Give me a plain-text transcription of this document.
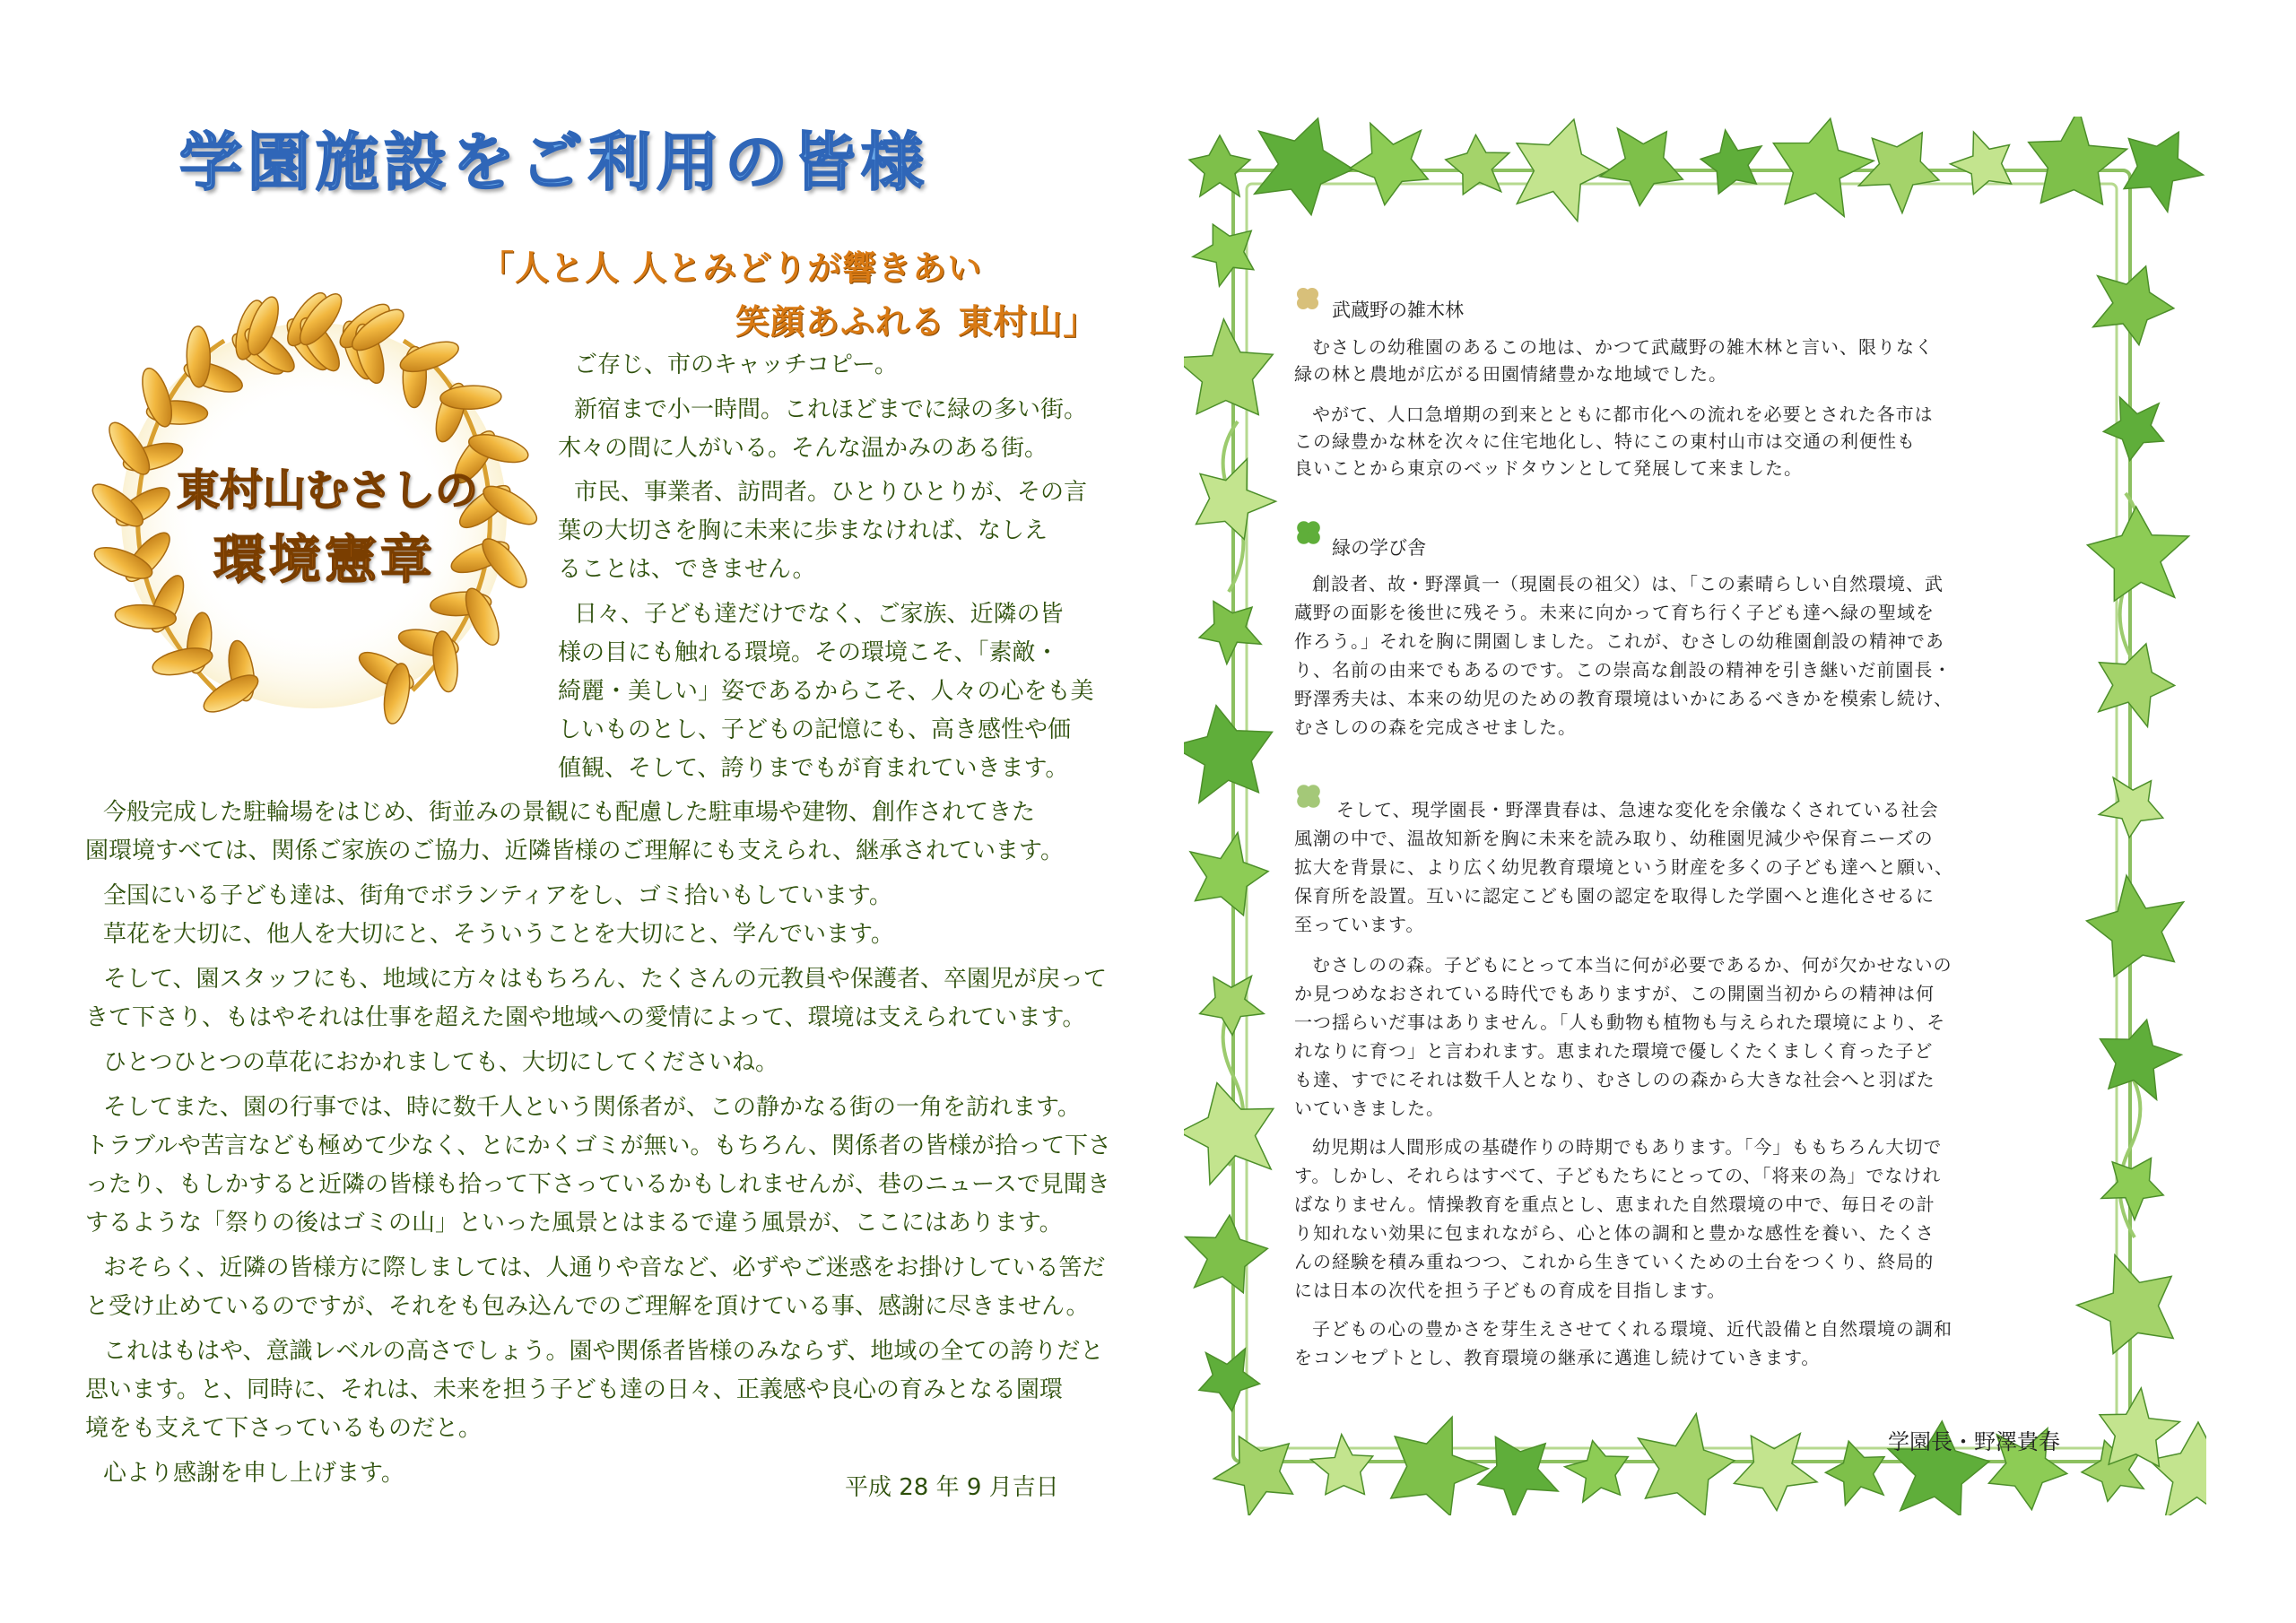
学園施設をご利用の皆様
「人と人 人とみどりが響きあい
笑顔あふれる 東村山」
東村山むさしの
環境憲章

ご存じ、市のキャッチコピー。

新宿まで小一時間。これほどまでに緑の多い街。

木々の間に人がいる。そんな温かみのある街。

市民、事業者、訪問者。ひとりひとりが、その言

葉の大切さを胸に未来に歩まなければ、なしえ

ることは、できません。

日々、子ども達だけでなく、ご家族、近隣の皆

様の目にも触れる環境。その環境こそ、「素敵・

綺麗・美しい」姿であるからこそ、人々の心をも美

しいものとし、子どもの記憶にも、高き感性や価

値観、そして、誇りまでもが育まれていきます。

今般完成した駐輪場をはじめ、街並みの景観にも配慮した駐車場や建物、創作されてきた

園環境すべては、関係ご家族のご協力、近隣皆様のご理解にも支えられ、継承されています。

全国にいる子ども達は、街角でボランティアをし、ゴミ拾いもしています。

草花を大切に、他人を大切にと、そういうことを大切にと、学んでいます。

そして、園スタッフにも、地域に方々はもちろん、たくさんの元教員や保護者、卒園児が戻って

きて下さり、もはやそれは仕事を超えた園や地域への愛情によって、環境は支えられています。

ひとつひとつの草花におかれましても、大切にしてくださいね。

そしてまた、園の行事では、時に数千人という関係者が、この静かなる街の一角を訪れます。

トラブルや苦言なども極めて少なく、とにかくゴミが無い。もちろん、関係者の皆様が拾って下さ

ったり、もしかすると近隣の皆様も拾って下さっているかもしれませんが、巷のニュースで見聞き

するような「祭りの後はゴミの山」といった風景とはまるで違う風景が、ここにはあります。

おそらく、近隣の皆様方に際しましては、人通りや音など、必ずやご迷惑をお掛けしている筈だ

と受け止めているのですが、それをも包み込んでのご理解を頂けている事、感謝に尽きません。

これはもはや、意識レベルの高さでしょう。園や関係者皆様のみならず、地域の全ての誇りだと

思います。と、同時に、それは、未来を担う子ども達の日々、正義感や良心の育みとなる園環

境をも支えて下さっているものだと。

心より感謝を申し上げます。

平成 28 年 9 月吉日

武蔵野の雑木林

むさしの幼稚園のあるこの地は、かつて武蔵野の雑木林と言い、限りなく

緑の林と農地が広がる田園情緒豊かな地域でした。

やがて、人口急増期の到来とともに都市化への流れを必要とされた各市は

この緑豊かな林を次々に住宅地化し、特にこの東村山市は交通の利便性も

良いことから東京のベッドタウンとして発展して来ました。

緑の学び舎

創設者、故・野澤眞一（現園長の祖父）は、「この素晴らしい自然環境、武

蔵野の面影を後世に残そう。未来に向かって育ち行く子ども達へ緑の聖域を

作ろう。」それを胸に開園しました。これが、むさしの幼稚園創設の精神であ

り、名前の由来でもあるのです。この崇高な創設の精神を引き継いだ前園長・

野澤秀夫は、本来の幼児のための教育環境はいかにあるべきかを模索し続け、

むさしのの森を完成させました。

そして、現学園長・野澤貴春は、急速な変化を余儀なくされている社会

風潮の中で、温故知新を胸に未来を読み取り、幼稚園児減少や保育ニーズの

拡大を背景に、より広く幼児教育環境という財産を多くの子ども達へと願い、

保育所を設置。互いに認定こども園の認定を取得した学園へと進化させるに

至っています。

むさしのの森。子どもにとって本当に何が必要であるか、何が欠かせないの

か見つめなおされている時代でもありますが、この開園当初からの精神は何

一つ揺らいだ事はありません。「人も動物も植物も与えられた環境により、そ

れなりに育つ」と言われます。恵まれた環境で優しくたくましく育った子ど

も達、すでにそれは数千人となり、むさしのの森から大きな社会へと羽ばた

いていきました。

幼児期は人間形成の基礎作りの時期でもあります。「今」ももちろん大切で

す。しかし、それらはすべて、子どもたちにとっての、「将来の為」でなけれ

ばなりません。情操教育を重点とし、恵まれた自然環境の中で、毎日その計

り知れない効果に包まれながら、心と体の調和と豊かな感性を養い、たくさ

んの経験を積み重ねつつ、これから生きていくための土台をつくり、終局的

には日本の次代を担う子どもの育成を目指します。

子どもの心の豊かさを芽生えさせてくれる環境、近代設備と自然環境の調和

をコンセプトとし、教育環境の継承に邁進し続けていきます。

学園長・野澤貴春
